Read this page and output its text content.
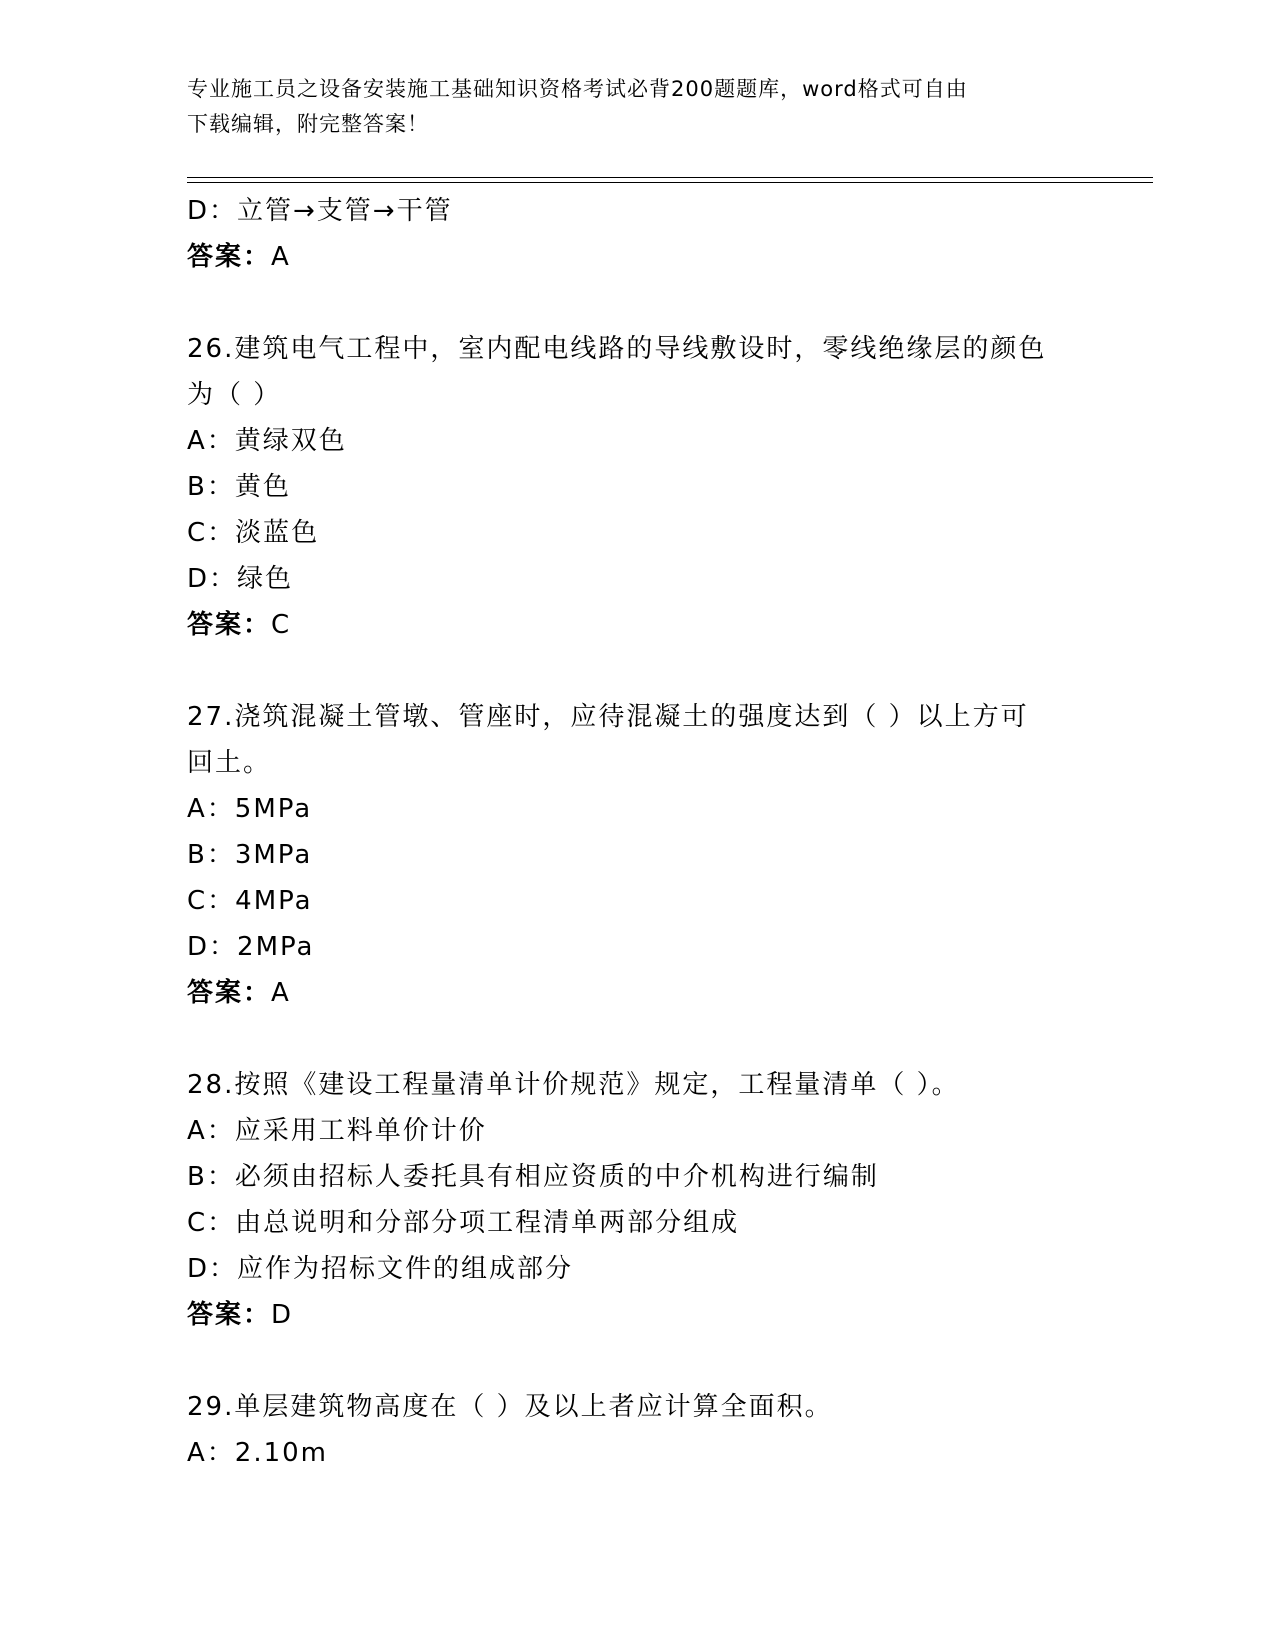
专业施工员之设备安装施工基础知识资格考试必背200题题库，word格式可自由
下载编辑，附完整答案！
D：立管→支管→干管
答案：A
26.建筑电气工程中，室内配电线路的导线敷设时，零线绝缘层的颜色
为（ ）
A：黄绿双色
B：黄色
C：淡蓝色
D：绿色
答案：C
27.浇筑混凝土管墩、管座时，应待混凝土的强度达到（ ）以上方可
回土。
A：5MPa
B：3MPa
C：4MPa
D：2MPa
答案：A
28.按照《建设工程量清单计价规范》规定，工程量清单（ ）。
A：应采用工料单价计价
B：必须由招标人委托具有相应资质的中介机构进行编制
C：由总说明和分部分项工程清单两部分组成
D：应作为招标文件的组成部分
答案：D
29.单层建筑物高度在（ ）及以上者应计算全面积。
A：2.10m
